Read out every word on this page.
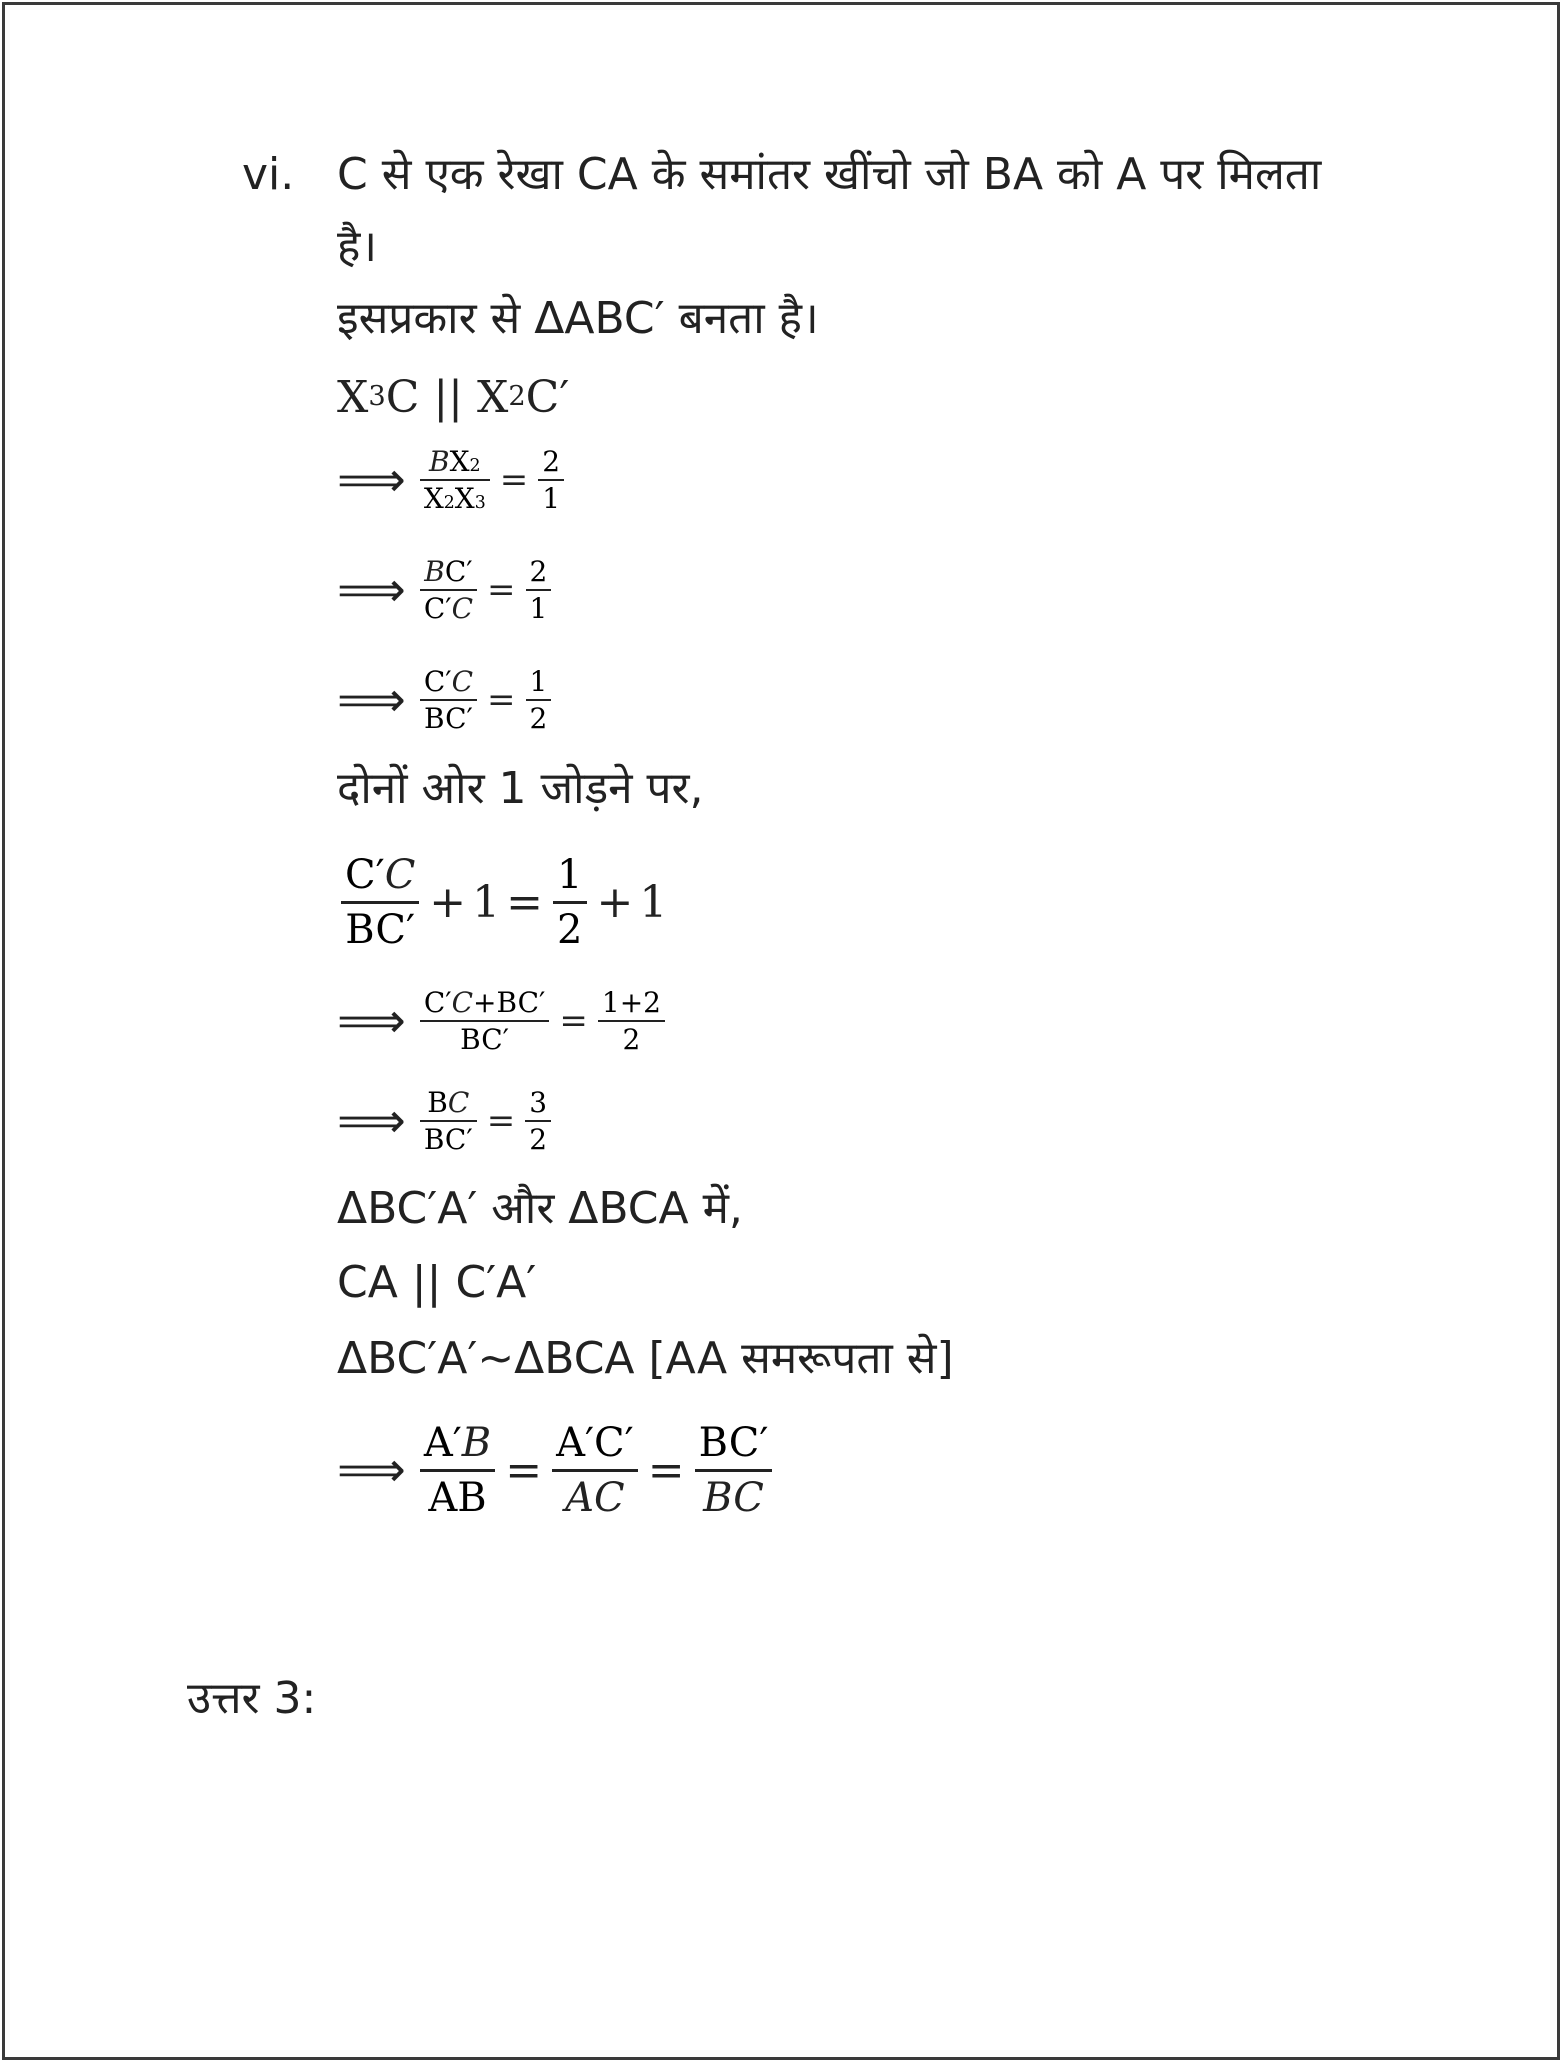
vi. C से एक रेखा CA के समांतर खींचो जो BA को A पर मिलता
है।
इसप्रकार से ΔABC′ बनता है।
X 3 C || X 2 C′
⟹ $\frac{\text{B X 2}}{X 2 X 3} = \frac{2}{1}$
⟹ $\frac{\text{B C′}}{C' C} = \frac{2}{1}$
⟹ $\frac{C' C}{BC'} = \frac{1}{2}$
दोनों ओर 1 जोड़ने पर,
$\frac{C' C}{BC'} + 1 = \frac{1}{2} + 1$
⟹ $\frac{C' C +BC'}{BC'} = \frac{1+2}{2}$
⟹ $\frac{\text{B C}}{BC'} = \frac{3}{2}$
ΔBC′A′ और ΔBCA में,
CA || C′A′
ΔBC′A′~ΔBCA [AA समरूपता से]
⟹ $\frac{A' B}{AB} = \frac{A'C'}{AC} = \frac{BC'}{BC}$
उत्तर 3:
